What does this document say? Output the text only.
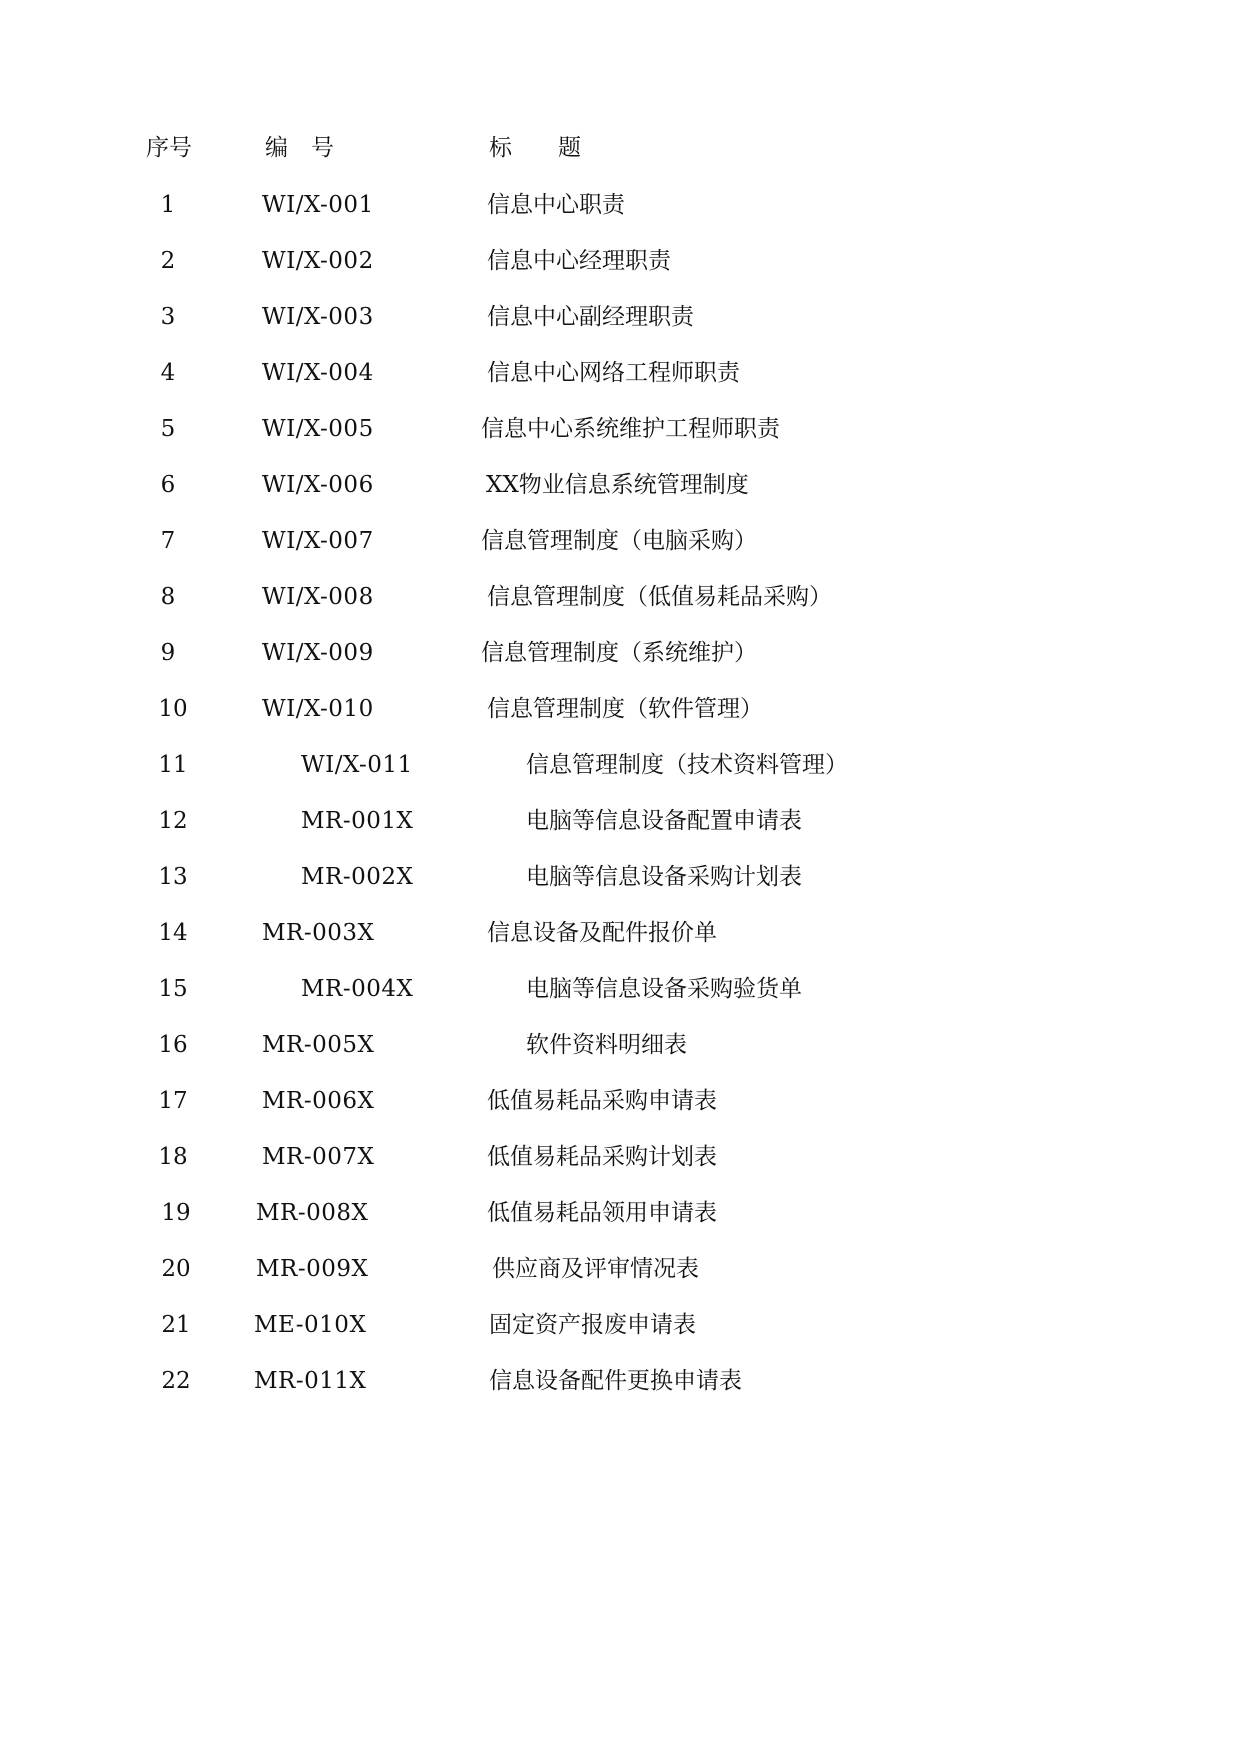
序号	编　号	标　　题
1	WI/X-001	信息中心职责
2	WI/X-002	信息中心经理职责
3	WI/X-003	信息中心副经理职责
4	WI/X-004	信息中心网络工程师职责
5	WI/X-005	信息中心系统维护工程师职责
6	WI/X-006	XX物业信息系统管理制度
7	WI/X-007	信息管理制度（电脑采购）
8	WI/X-008	信息管理制度（低值易耗品采购）
9	WI/X-009	信息管理制度（系统维护）
10	WI/X-010	信息管理制度（软件管理）
11	WI/X-011	信息管理制度（技术资料管理）
12	MR-001X	电脑等信息设备配置申请表
13	MR-002X	电脑等信息设备采购计划表
14	MR-003X	信息设备及配件报价单
15	MR-004X	电脑等信息设备采购验货单
16	MR-005X	软件资料明细表
17	MR-006X	低值易耗品采购申请表
18	MR-007X	低值易耗品采购计划表
19	MR-008X	低值易耗品领用申请表
20	MR-009X	供应商及评审情况表
21	ME-010X	固定资产报废申请表
22	MR-011X	信息设备配件更换申请表
